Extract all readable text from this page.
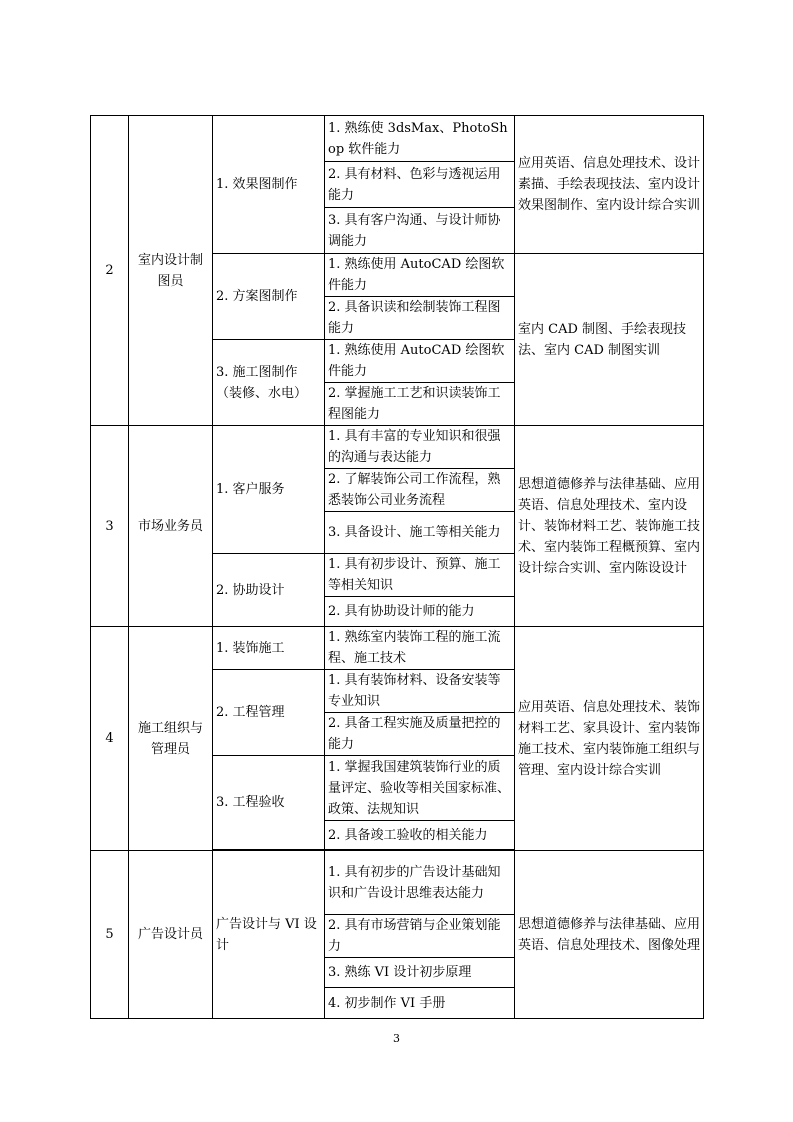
2	室内设计制图员	1. 效果图制作	1. 熟练使 3dsMax、PhotoShop 软件能力	应用英语、信息处理技术、设计素描、手绘表现技法、室内设计效果图制作、室内设计综合实训
			2. 具有材料、色彩与透视运用能力	
			3. 具有客户沟通、与设计师协调能力	
		2. 方案图制作	1. 熟练使用 AutoCAD 绘图软件能力	室内 CAD 制图、手绘表现技法、室内 CAD 制图实训
			2. 具备识读和绘制装饰工程图能力	
		3. 施工图制作（装修、水电）	1. 熟练使用 AutoCAD 绘图软件能力	
			2. 掌握施工工艺和识读装饰工程图能力	
3	市场业务员	1. 客户服务	1. 具有丰富的专业知识和很强的沟通与表达能力	思想道德修养与法律基础、应用英语、信息处理技术、室内设计、装饰材料工艺、装饰施工技术、室内装饰工程概预算、室内设计综合实训、室内陈设设计
			2. 了解装饰公司工作流程，熟悉装饰公司业务流程	
			3. 具备设计、施工等相关能力	
		2. 协助设计	1. 具有初步设计、预算、施工等相关知识	
			2. 具有协助设计师的能力	
4	施工组织与管理员	1. 装饰施工	1. 熟练室内装饰工程的施工流程、施工技术	应用英语、信息处理技术、装饰材料工艺、家具设计、室内装饰施工技术、室内装饰施工组织与管理、室内设计综合实训
		2. 工程管理	1. 具有装饰材料、设备安装等专业知识	
			2. 具备工程实施及质量把控的能力	
		3. 工程验收	1. 掌握我国建筑装饰行业的质量评定、验收等相关国家标准、政策、法规知识	
			2. 具备竣工验收的相关能力	

5	广告设计员	广告设计与 VI 设计	1. 具有初步的广告设计基础知识和广告设计思维表达能力	思想道德修养与法律基础、应用英语、信息处理技术、图像处理
			2. 具有市场营销与企业策划能力	
			3. 熟练 VI 设计初步原理	
			4. 初步制作 VI 手册	
3
